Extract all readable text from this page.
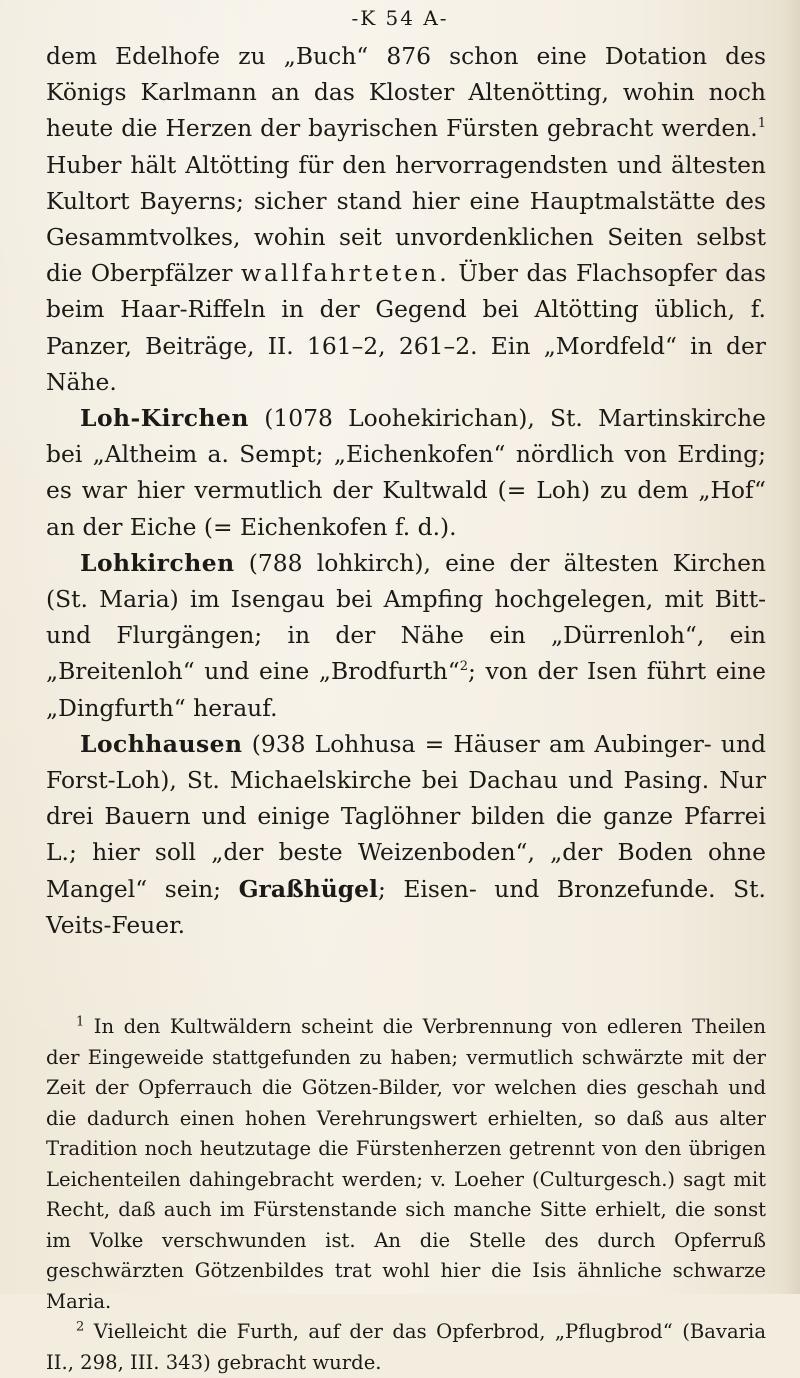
-K 54 A-

dem Edelhofe zu „Buch“ 876 schon eine Dotation des Königs Karlmann an das Kloster Altenötting, wohin noch heute die Herzen der bayrischen Fürsten gebracht werden.$^1$ Huber hält Altötting für den hervorragendsten und ältesten Kultort Bayerns; sicher stand hier eine Hauptmalstätte des Gesammtvolkes, wohin seit unvordenklichen Seiten selbst die Oberpfälzer wallfahrteten. Über das Flachsopfer das beim Haar-Riffeln in der Gegend bei Altötting üblich, f. Panzer, Beiträge, II. 161–2, 261–2. Ein „Mordfeld“ in der Nähe.

Loh-Kirchen (1078 Loohekirichan), St. Martinskirche bei „Altheim a. Sempt; „Eichenkofen“ nördlich von Erding; es war hier vermutlich der Kultwald (= Loh) zu dem „Hof“ an der Eiche (= Eichenkofen f. d.).

Lohkirchen (788 lohkirch), eine der ältesten Kirchen (St. Maria) im Isengau bei Ampfing hochgelegen, mit Bitt- und Flurgängen; in der Nähe ein „Dürrenloh“, ein „Breitenloh“ und eine „Brodfurth“$^2$; von der Isen führt eine „Dingfurth“ herauf.

Lochhausen (938 Lohhusa = Häuser am Aubinger- und Forst-Loh), St. Michaelskirche bei Dachau und Pasing. Nur drei Bauern und einige Taglöhner bilden die ganze Pfarrei L.; hier soll „der beste Weizenboden“, „der Boden ohne Mangel“ sein; Graßhügel; Eisen- und Bronzefunde. St. Veits-Feuer.

$^1$ In den Kultwäldern scheint die Verbrennung von edleren Theilen der Eingeweide stattgefunden zu haben; vermutlich schwärzte mit der Zeit der Opferrauch die Götzen-Bilder, vor welchen dies geschah und die dadurch einen hohen Verehrungswert erhielten, so daß aus alter Tradition noch heutzutage die Fürstenherzen getrennt von den übrigen Leichenteilen dahingebracht werden; v. Loeher (Culturgesch.) sagt mit Recht, daß auch im Fürstenstande sich manche Sitte erhielt, die sonst im Volke verschwunden ist. An die Stelle des durch Opferruß geschwärzten Götzenbildes trat wohl hier die Isis ähnliche schwarze Maria.

$^2$ Vielleicht die Furth, auf der das Opferbrod, „Pflugbrod“ (Bavaria II., 298, III. 343) gebracht wurde.
